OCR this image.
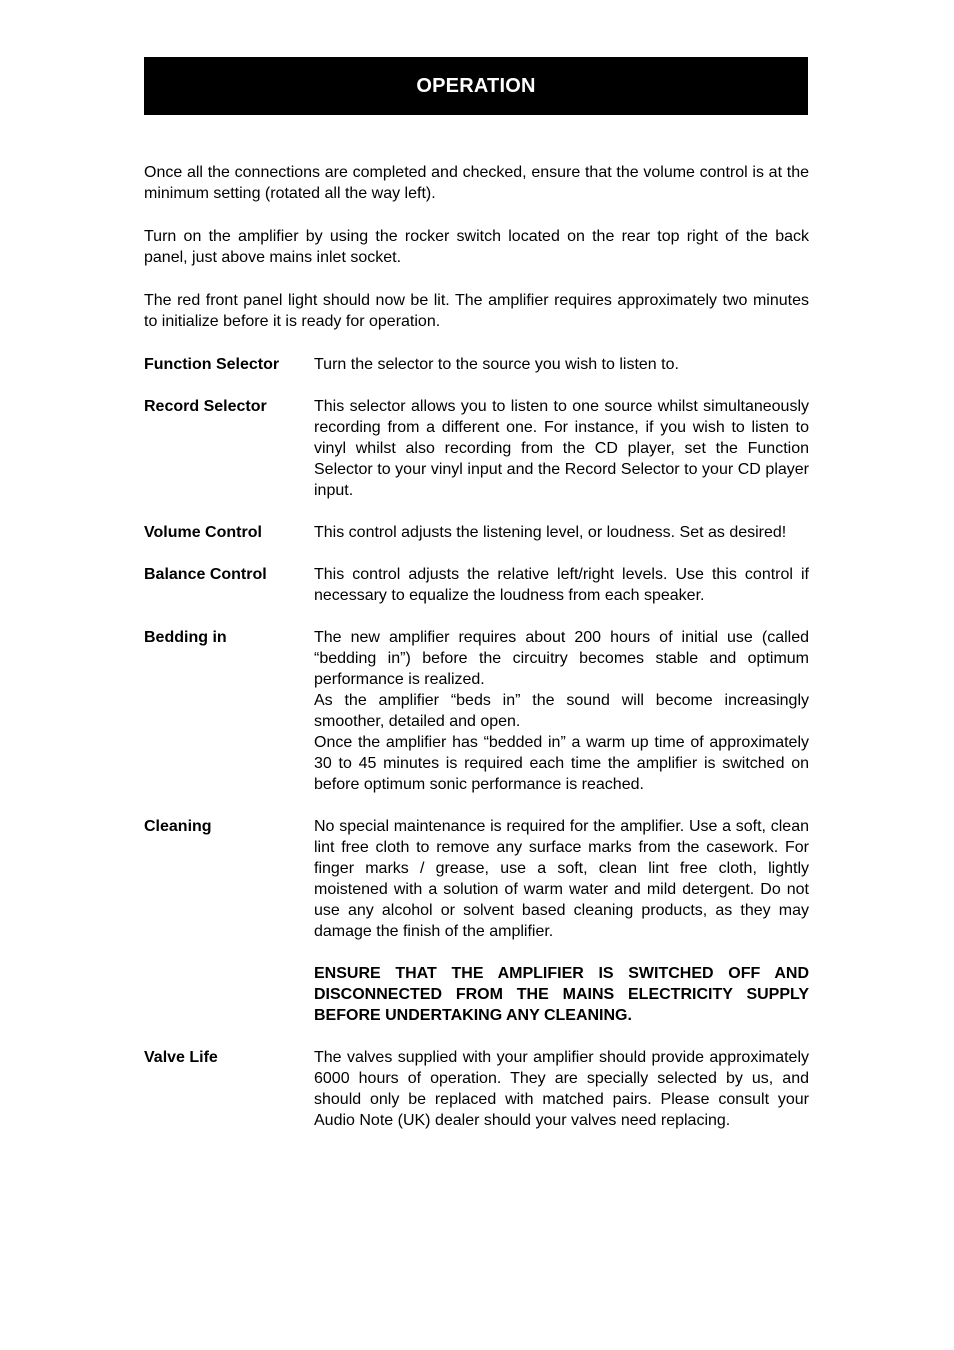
OPERATION

Once all the connections are completed and checked, ensure that the volume control is at the minimum setting (rotated all the way left).

Turn on the amplifier by using the rocker switch located on the rear top right of the back panel, just above mains inlet socket.

The red front panel light should now be lit. The amplifier requires approximately two minutes to initialize before it is ready for operation.

Function Selector	Turn the selector to the source you wish to listen to.
Record Selector	This selector allows you to listen to one source whilst simultaneously recording from a different one. For instance, if you wish to listen to vinyl whilst also recording from the CD player, set the Function Selector to your vinyl input and the Record Selector to your CD player input.
Volume Control	This control adjusts the listening level, or loudness. Set as desired!
Balance Control	This control adjusts the relative left/right levels. Use this control if necessary to equalize the loudness from each speaker.
Bedding in	The new amplifier requires about 200 hours of initial use (called “bedding in”) before the circuitry becomes stable and optimum performance is realized.
As the amplifier “beds in” the sound will become increasingly smoother, detailed and open.
Once the amplifier has “bedded in” a warm up time of approximately 30 to 45 minutes is required each time the amplifier is switched on before optimum sonic performance is reached.
Cleaning	No special maintenance is required for the amplifier. Use a soft, clean lint free cloth to remove any surface marks from the casework. For finger marks / grease, use a soft, clean lint free cloth, lightly moistened with a solution of warm water and mild detergent. Do not use any alcohol or solvent based cleaning products, as they may damage the finish of the amplifier.
ENSURE THAT THE AMPLIFIER IS SWITCHED OFF AND DISCONNECTED FROM THE MAINS ELECTRICITY SUPPLY BEFORE UNDERTAKING ANY CLEANING.
Valve Life	The valves supplied with your amplifier should provide approximately 6000 hours of operation. They are specially selected by us, and should only be replaced with matched pairs. Please consult your Audio Note (UK) dealer should your valves need replacing.
